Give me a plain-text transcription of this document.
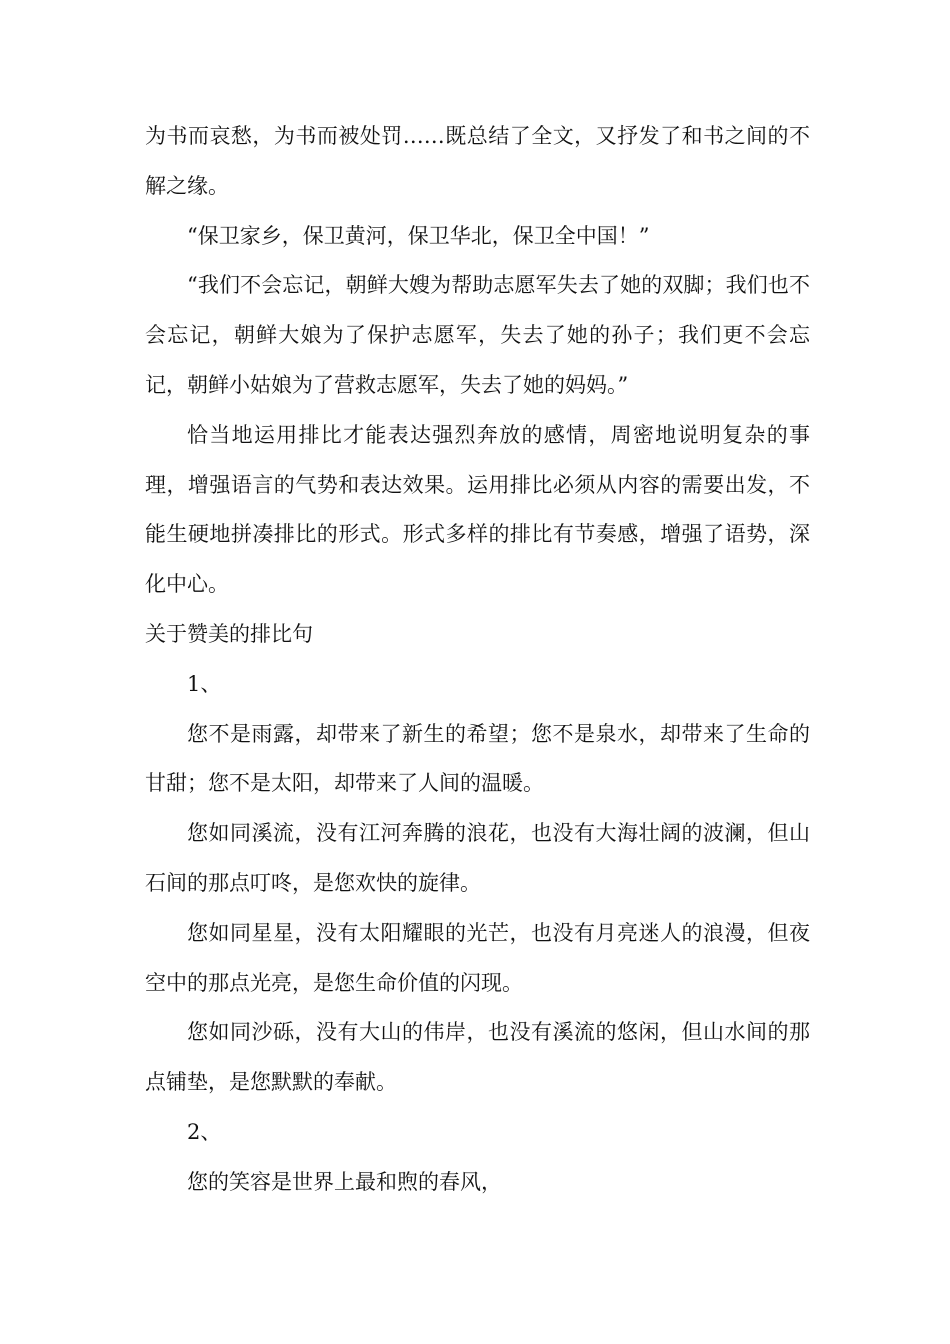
为书而哀愁，为书而被处罚……既总结了全文，又抒发了和书之间的不解之缘。

“保卫家乡，保卫黄河，保卫华北，保卫全中国！”

“我们不会忘记，朝鲜大嫂为帮助志愿军失去了她的双脚；我们也不会忘记，朝鲜大娘为了保护志愿军，失去了她的孙子；我们更不会忘记，朝鲜小姑娘为了营救志愿军，失去了她的妈妈。”

恰当地运用排比才能表达强烈奔放的感情，周密地说明复杂的事理，增强语言的气势和表达效果。运用排比必须从内容的需要出发，不能生硬地拼凑排比的形式。形式多样的排比有节奏感，增强了语势，深化中心。

关于赞美的排比句

1、

您不是雨露，却带来了新生的希望；您不是泉水，却带来了生命的甘甜；您不是太阳，却带来了人间的温暖。

您如同溪流，没有江河奔腾的浪花，也没有大海壮阔的波澜，但山石间的那点叮咚，是您欢快的旋律。

您如同星星，没有太阳耀眼的光芒，也没有月亮迷人的浪漫，但夜空中的那点光亮，是您生命价值的闪现。

您如同沙砾，没有大山的伟岸，也没有溪流的悠闲，但山水间的那点铺垫，是您默默的奉献。

2、

您的笑容是世界上最和煦的春风，
